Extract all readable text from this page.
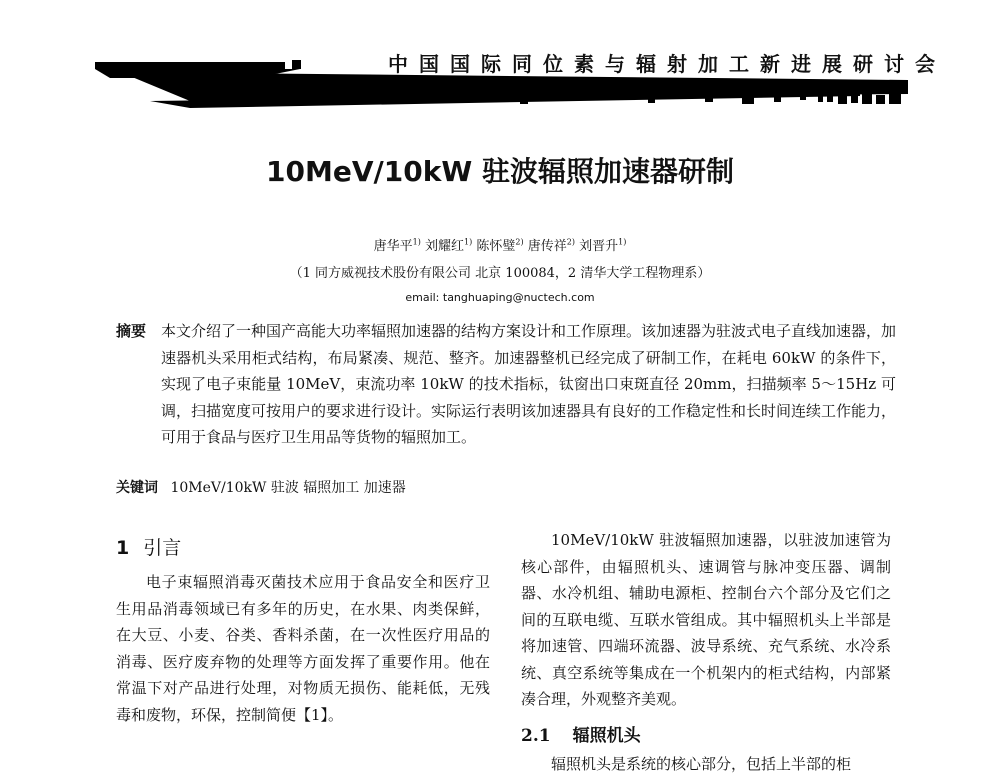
中国国际同位素与辐射加工新进展研讨会
10MeV/10kW 驻波辐照加速器研制
唐华平$^{1)}$ 刘耀红$^{1)}$ 陈怀璧$^{2)}$ 唐传祥$^{2)}$ 刘晋升$^{1)}$
（1 同方威视技术股份有限公司 北京 100084，2 清华大学工程物理系）
email: tanghuaping@nuctech.com
摘要 本文介绍了一种国产高能大功率辐照加速器的结构方案设计和工作原理。该加速器为驻波式电子直线加速器，加速器机头采用柜式结构，布局紧凑、规范、整齐。加速器整机已经完成了研制工作，在耗电 60kW 的条件下，实现了电子束能量 10MeV，束流功率 10kW 的技术指标，钛窗出口束斑直径 20mm，扫描频率 5～15Hz 可调，扫描宽度可按用户的要求进行设计。实际运行表明该加速器具有良好的工作稳定性和长时间连续工作能力，可用于食品与医疗卫生用品等货物的辐照加工。
关键词 10MeV/10kW 驻波 辐照加工 加速器
1 引言

电子束辐照消毒灭菌技术应用于食品安全和医疗卫生用品消毒领域已有多年的历史，在水果、肉类保鲜，在大豆、小麦、谷类、香料杀菌，在一次性医疗用品的消毒、医疗废弃物的处理等方面发挥了重要作用。他在常温下对产品进行处理，对物质无损伤、能耗低，无残毒和废物，环保，控制简便【1】。

10MeV/10kW 驻波辐照加速器，以驻波加速管为核心部件，由辐照机头、速调管与脉冲变压器、调制器、水冷机组、辅助电源柜、控制台六个部分及它们之间的互联电缆、互联水管组成。其中辐照机头上半部是将加速管、四端环流器、波导系统、充气系统、水冷系统、真空系统等集成在一个机架内的柜式结构，内部紧凑合理，外观整齐美观。

2.1 辐照机头

辐照机头是系统的核心部分，包括上半部的柜
